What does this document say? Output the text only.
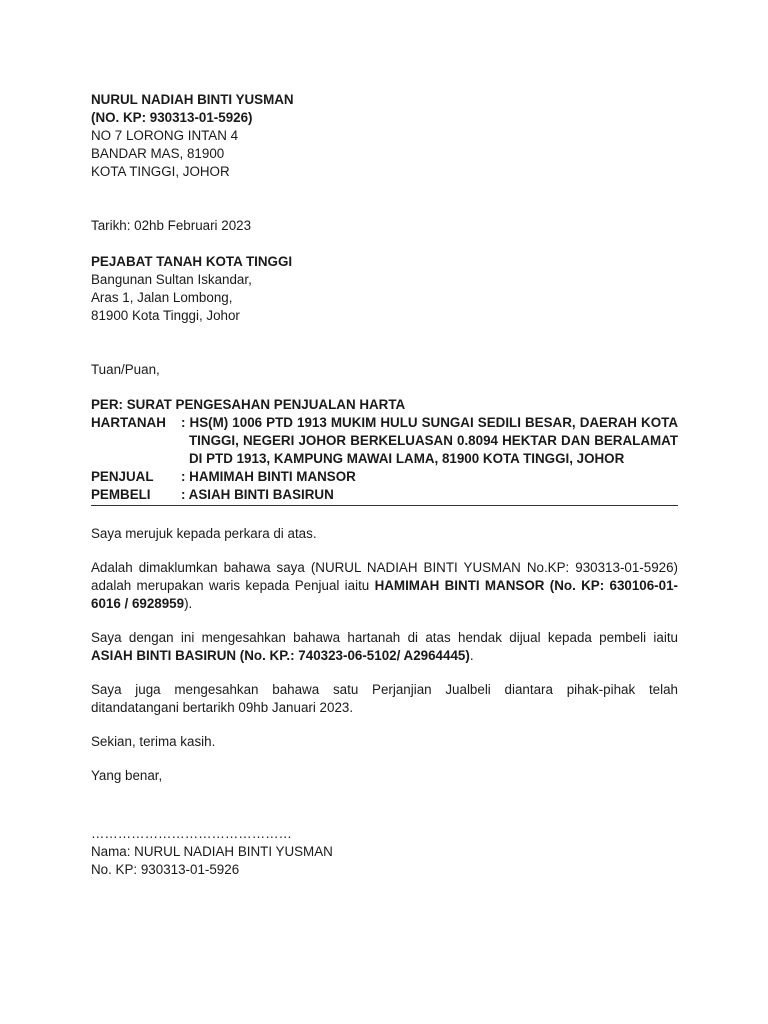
NURUL NADIAH BINTI YUSMAN
(NO. KP: 930313-01-5926)
NO 7 LORONG INTAN 4
BANDAR MAS, 81900
KOTA TINGGI, JOHOR
Tarikh: 02hb Februari 2023
PEJABAT TANAH KOTA TINGGI
Bangunan Sultan Iskandar,
Aras 1, Jalan Lombong,
81900 Kota Tinggi, Johor
Tuan/Puan,
PER: SURAT PENGESAHAN PENJUALAN HARTA
HARTANAH	: HS(M) 1006 PTD 1913 MUKIM HULU SUNGAI SEDILI BESAR, DAERAH KOTA TINGGI, NEGERI JOHOR BERKELUASAN 0.8094 HEKTAR DAN BERALAMAT DI PTD 1913, KAMPUNG MAWAI LAMA, 81900 KOTA TINGGI, JOHOR

PENJUAL	: HAMIMAH BINTI MANSOR
PEMBELI	: ASIAH BINTI BASIRUN
Saya merujuk kepada perkara di atas.
Adalah dimaklumkan bahawa saya (NURUL NADIAH BINTI YUSMAN No.KP: 930313-01-5926) adalah merupakan waris kepada Penjual iaitu HAMIMAH BINTI MANSOR (No. KP: 630106-01-6016 / 6928959).
Saya dengan ini mengesahkan bahawa hartanah di atas hendak dijual kepada pembeli iaitu ASIAH BINTI BASIRUN (No. KP.: 740323-06-5102/ A2964445).
Saya juga mengesahkan bahawa satu Perjanjian Jualbeli diantara pihak-pihak telah ditandatangani bertarikh 09hb Januari 2023.
Sekian, terima kasih.
Yang benar,
………………………………………
Nama: NURUL NADIAH BINTI YUSMAN
No. KP: 930313-01-5926
